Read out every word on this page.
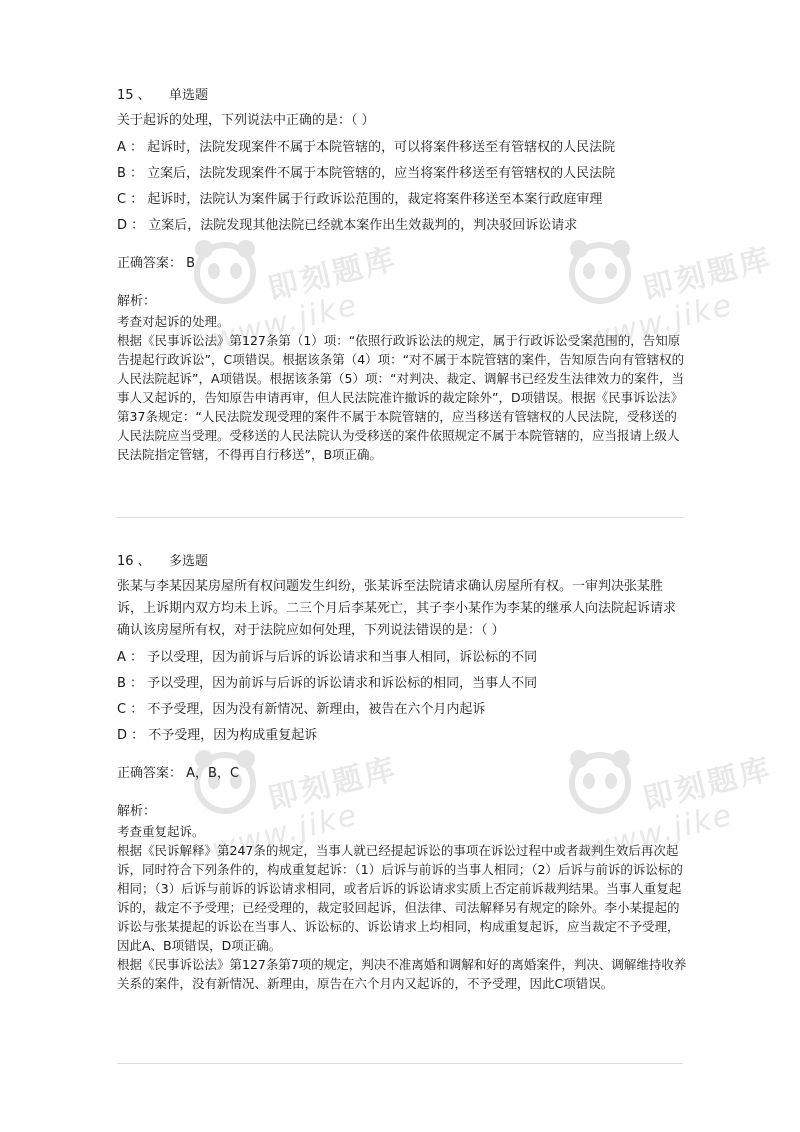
即刻题库
www.jike
即刻题库
www.jike
即刻题库
www.jike
即刻题库
www.jike
15 、 单选题
关于起诉的处理，下列说法中正确的是：（ ）
A ： 起诉时，法院发现案件不属于本院管辖的，可以将案件移送至有管辖权的人民法院
B ： 立案后，法院发现案件不属于本院管辖的，应当将案件移送至有管辖权的人民法院
C ： 起诉时，法院认为案件属于行政诉讼范围的，裁定将案件移送至本案行政庭审理
D ： 立案后，法院发现其他法院已经就本案作出生效裁判的，判决驳回诉讼请求
正确答案： B
解析：
考查对起诉的处理。
根据《民事诉讼法》第127条第（1）项：“依照行政诉讼法的规定，属于行政诉讼受案范围的，告知原告提起行政诉讼”，C项错误。根据该条第（4）项：“对不属于本院管辖的案件，告知原告向有管辖权的人民法院起诉”，A项错误。根据该条第（5）项：“对判决、裁定、调解书已经发生法律效力的案件，当事人又起诉的，告知原告申请再审，但人民法院准许撤诉的裁定除外”，D项错误。根据《民事诉讼法》第37条规定：“人民法院发现受理的案件不属于本院管辖的，应当移送有管辖权的人民法院，受移送的人民法院应当受理。受移送的人民法院认为受移送的案件依照规定不属于本院管辖的，应当报请上级人民法院指定管辖，不得再自行移送”，B项正确。
16 、 多选题
张某与李某因某房屋所有权问题发生纠纷，张某诉至法院请求确认房屋所有权。一审判决张某胜诉，上诉期内双方均未上诉。二三个月后李某死亡，其子李小某作为李某的继承人向法院起诉请求确认该房屋所有权，对于法院应如何处理，下列说法错误的是：（ ）
A ： 予以受理，因为前诉与后诉的诉讼请求和当事人相同，诉讼标的不同
B ： 予以受理，因为前诉与后诉的诉讼请求和诉讼标的相同，当事人不同
C ： 不予受理，因为没有新情况、新理由，被告在六个月内起诉
D ： 不予受理，因为构成重复起诉
正确答案： A，B，C
解析：
考查重复起诉。
根据《民诉解释》第247条的规定，当事人就已经提起诉讼的事项在诉讼过程中或者裁判生效后再次起诉，同时符合下列条件的，构成重复起诉：（1）后诉与前诉的当事人相同；（2）后诉与前诉的诉讼标的相同；（3）后诉与前诉的诉讼请求相同，或者后诉的诉讼请求实质上否定前诉裁判结果。当事人重复起诉的，裁定不予受理；已经受理的，裁定驳回起诉，但法律、司法解释另有规定的除外。李小某提起的诉讼与张某提起的诉讼在当事人、诉讼标的、诉讼请求上均相同，构成重复起诉，应当裁定不予受理，因此A、B项错误，D项正确。
根据《民事诉讼法》第127条第7项的规定，判决不准离婚和调解和好的离婚案件，判决、调解维持收养关系的案件，没有新情况、新理由，原告在六个月内又起诉的，不予受理，因此C项错误。
